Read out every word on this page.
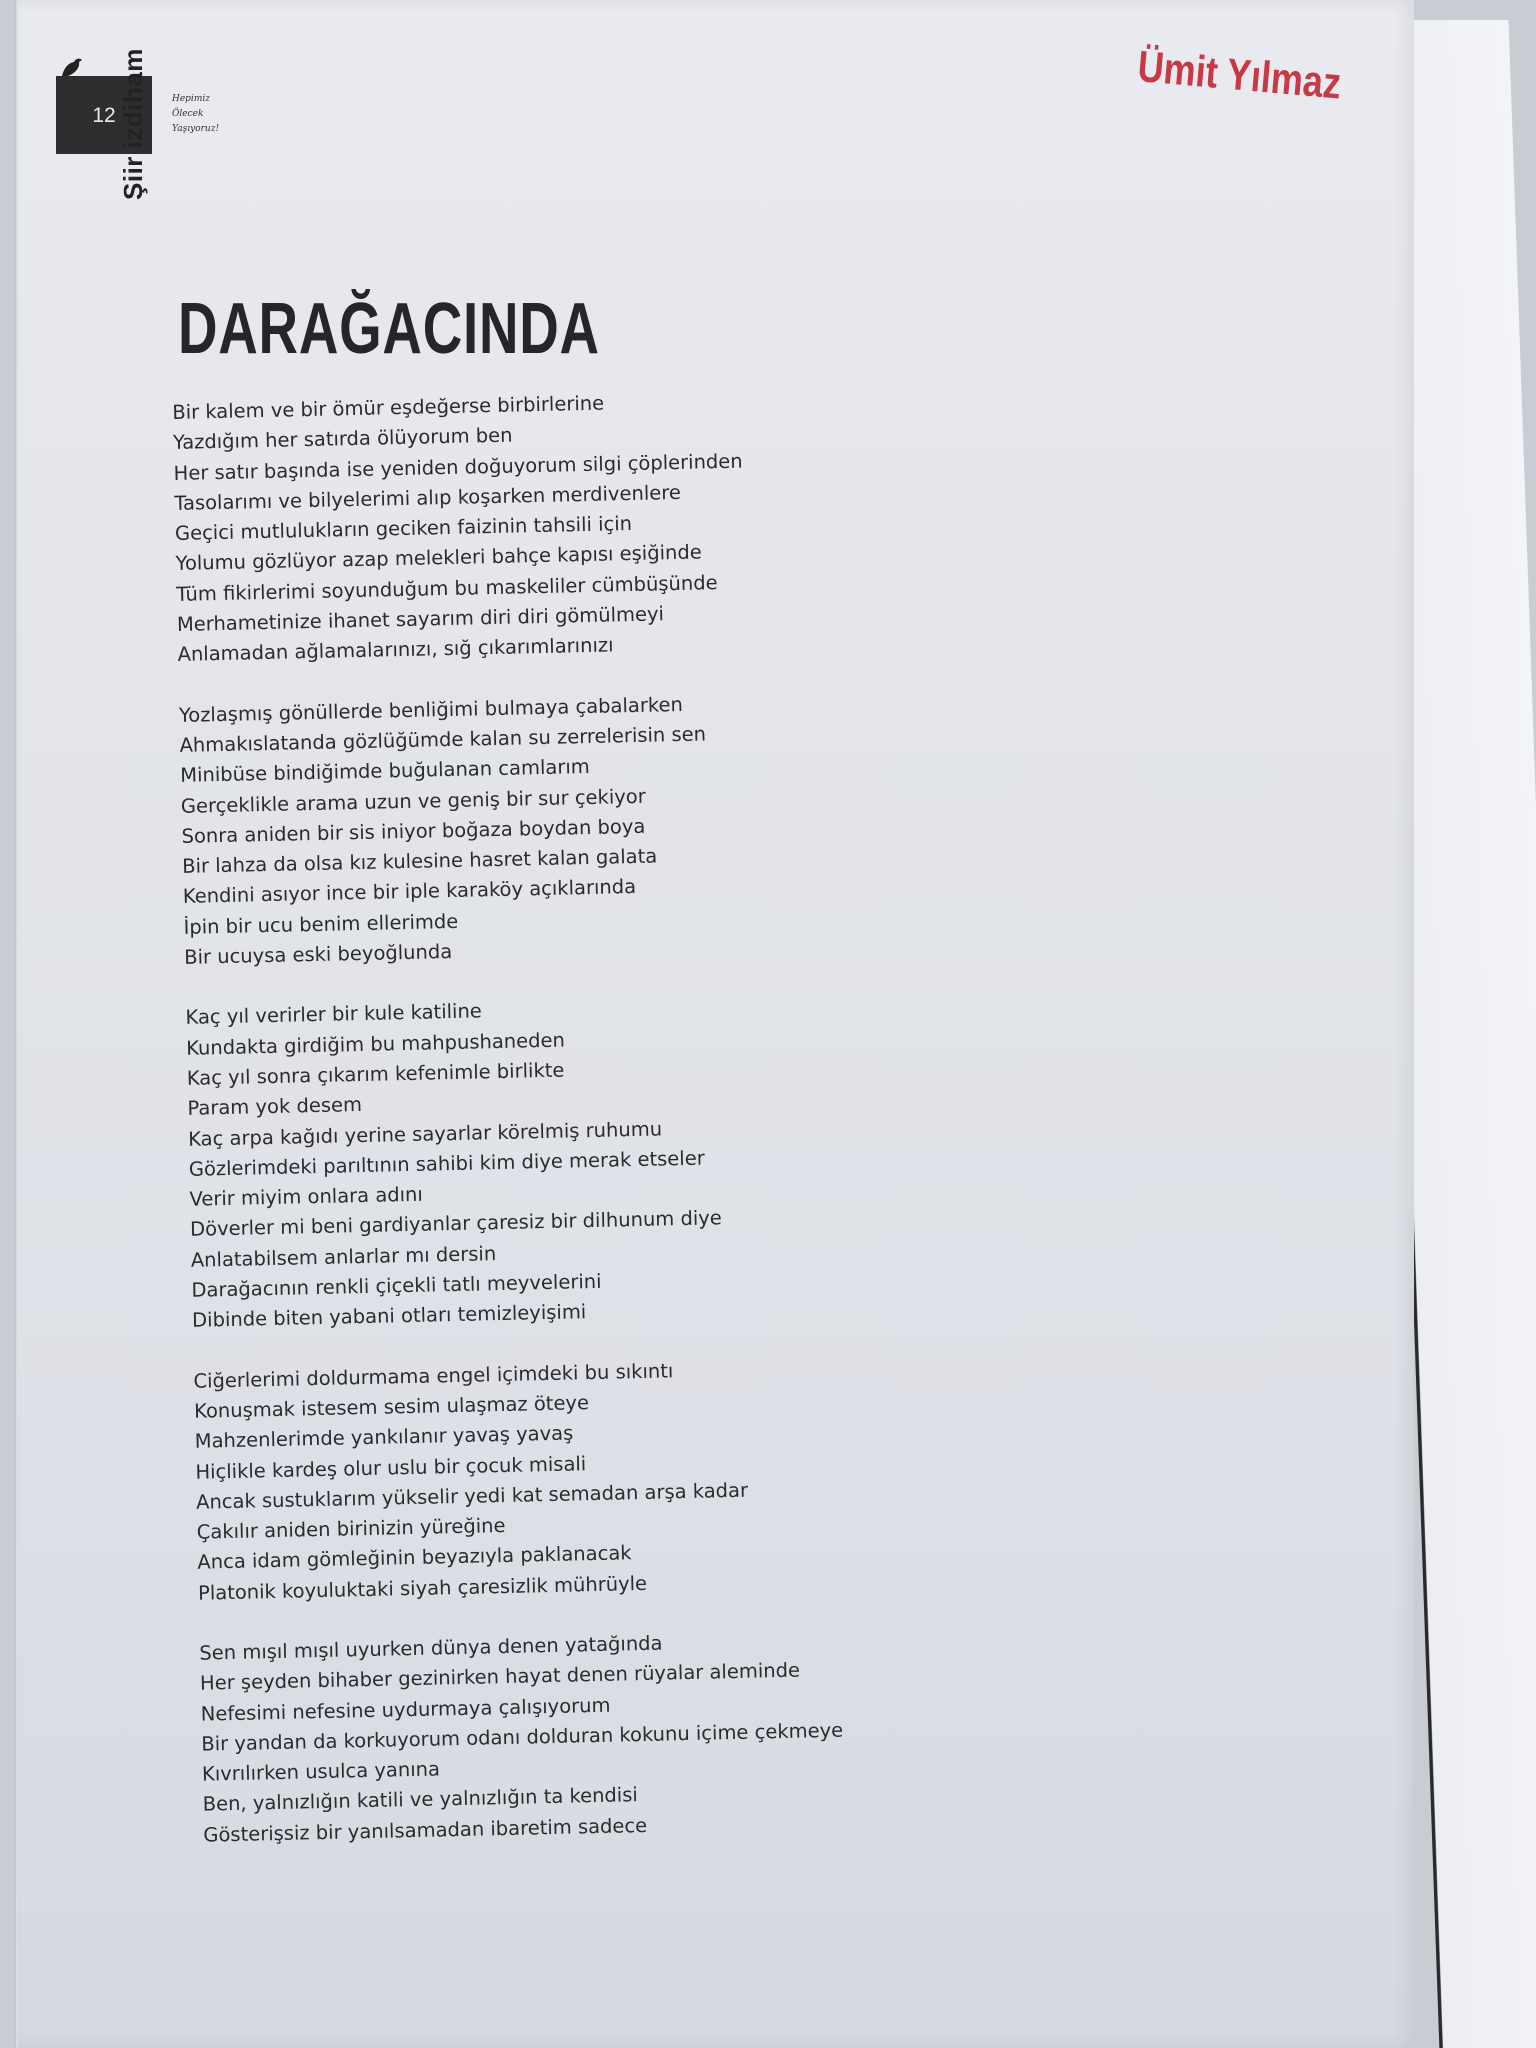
12 Şiir izdiham	Hepimiz
Ölecek
Yaşıyoruz!
Ümit Yılmaz
DARAĞACINDA
Bir kalem ve bir ömür eşdeğerse birbirlerine
Yazdığım her satırda ölüyorum ben
Her satır başında ise yeniden doğuyorum silgi çöplerinden
Tasolarımı ve bilyelerimi alıp koşarken merdivenlere
Geçici mutlulukların geciken faizinin tahsili için
Yolumu gözlüyor azap melekleri bahçe kapısı eşiğinde
Tüm fikirlerimi soyunduğum bu maskeliler cümbüşünde
Merhametinize ihanet sayarım diri diri gömülmeyi
Anlamadan ağlamalarınızı, sığ çıkarımlarınızı
Yozlaşmış gönüllerde benliğimi bulmaya çabalarken
Ahmakıslatanda gözlüğümde kalan su zerrelerisin sen
Minibüse bindiğimde buğulanan camlarım
Gerçeklikle arama uzun ve geniş bir sur çekiyor
Sonra aniden bir sis iniyor boğaza boydan boya
Bir lahza da olsa kız kulesine hasret kalan galata
Kendini asıyor ince bir iple karaköy açıklarında
İpin bir ucu benim ellerimde
Bir ucuysa eski beyoğlunda
Kaç yıl verirler bir kule katiline
Kundakta girdiğim bu mahpushaneden
Kaç yıl sonra çıkarım kefenimle birlikte
Param yok desem
Kaç arpa kağıdı yerine sayarlar körelmiş ruhumu
Gözlerimdeki parıltının sahibi kim diye merak etseler
Verir miyim onlara adını
Döverler mi beni gardiyanlar çaresiz bir dilhunum diye
Anlatabilsem anlarlar mı dersin
Darağacının renkli çiçekli tatlı meyvelerini
Dibinde biten yabani otları temizleyişimi
Ciğerlerimi doldurmama engel içimdeki bu sıkıntı
Konuşmak istesem sesim ulaşmaz öteye
Mahzenlerimde yankılanır yavaş yavaş
Hiçlikle kardeş olur uslu bir çocuk misali
Ancak sustuklarım yükselir yedi kat semadan arşa kadar
Çakılır aniden birinizin yüreğine
Anca idam gömleğinin beyazıyla paklanacak
Platonik koyuluktaki siyah çaresizlik mührüyle
Sen mışıl mışıl uyurken dünya denen yatağında
Her şeyden bihaber gezinirken hayat denen rüyalar aleminde
Nefesimi nefesine uydurmaya çalışıyorum
Bir yandan da korkuyorum odanı dolduran kokunu içime çekmeye
Kıvrılırken usulca yanına
Ben, yalnızlığın katili ve yalnızlığın ta kendisi
Gösterişsiz bir yanılsamadan ibaretim sadece
